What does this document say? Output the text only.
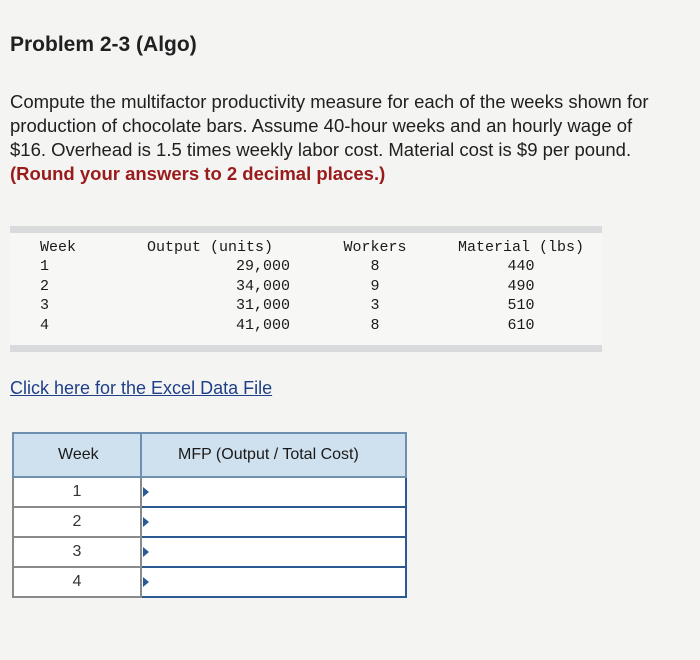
Problem 2-3 (Algo)
Compute the multifactor productivity measure for each of the weeks shown for production of chocolate bars. Assume 40-hour weeks and an hourly wage of $16. Overhead is 1.5 times weekly labor cost. Material cost is $9 per pound. (Round your answers to 2 decimal places.)
Week	Output (units)	Workers	Material (lbs)
1	29,000	8	440
2	34,000	9	490
3	31,000	3	510
4	41,000	8	610
Click here for the Excel Data File
Week	MFP (Output / Total Cost)
1	

2	

3	

4	
